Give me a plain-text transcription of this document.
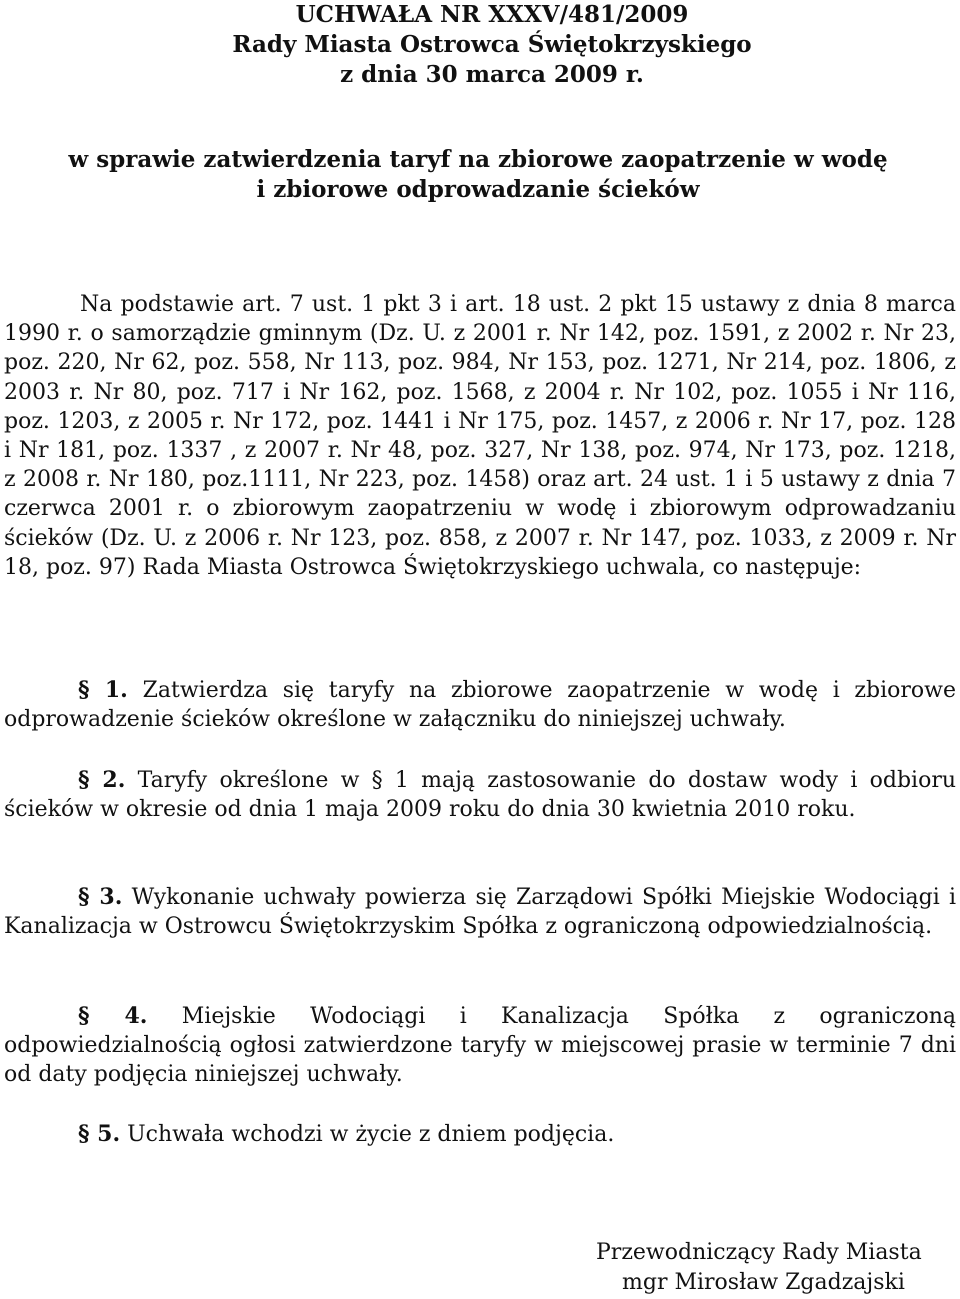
UCHWAŁA NR XXXV/481/2009
Rady Miasta Ostrowca Świętokrzyskiego
z dnia 30 marca 2009 r.
w sprawie zatwierdzenia taryf na zbiorowe zaopatrzenie w wodę
i zbiorowe odprowadzanie ścieków
Na podstawie art. 7 ust. 1 pkt 3 i art. 18 ust. 2 pkt 15 ustawy z dnia 8 marca 1990 r. o samorządzie gminnym (Dz. U. z 2001 r. Nr 142, poz. 1591, z 2002 r. Nr 23, poz. 220, Nr 62, poz. 558, Nr 113, poz. 984, Nr 153, poz. 1271, Nr 214, poz. 1806, z 2003 r. Nr 80, poz. 717 i Nr 162, poz. 1568, z 2004 r. Nr 102, poz. 1055 i Nr 116, poz. 1203, z 2005 r. Nr 172, poz. 1441 i Nr 175, poz. 1457, z 2006 r. Nr 17, poz. 128 i Nr 181, poz. 1337 , z 2007 r. Nr 48, poz. 327, Nr 138, poz. 974, Nr 173, poz. 1218, z 2008 r. Nr 180, poz.1111, Nr 223, poz. 1458) oraz art. 24 ust. 1 i 5 ustawy z dnia 7 czerwca 2001 r. o zbiorowym zaopatrzeniu w wodę i zbiorowym odprowadzaniu ścieków (Dz. U. z 2006 r. Nr 123, poz. 858, z 2007 r. Nr 147, poz. 1033, z 2009 r. Nr 18, poz. 97) Rada Miasta Ostrowca Świętokrzyskiego uchwala, co następuje:
§ 1. Zatwierdza się taryfy na zbiorowe zaopatrzenie w wodę i zbiorowe odprowadzenie ścieków określone w załączniku do niniejszej uchwały.
§ 2. Taryfy określone w § 1 mają zastosowanie do dostaw wody i odbioru ścieków w okresie od dnia 1 maja 2009 roku do dnia 30 kwietnia 2010 roku.
§ 3. Wykonanie uchwały powierza się Zarządowi Spółki Miejskie Wodociągi i Kanalizacja w Ostrowcu Świętokrzyskim Spółka z ograniczoną odpowiedzialnością.
§ 4. Miejskie Wodociągi i Kanalizacja Spółka z ograniczoną odpowiedzialnością ogłosi zatwierdzone taryfy w miejscowej prasie w terminie 7 dni od daty podjęcia niniejszej uchwały.
§ 5. Uchwała wchodzi w życie z dniem podjęcia.
Przewodniczący Rady Miasta
mgr Mirosław Zgadzajski
